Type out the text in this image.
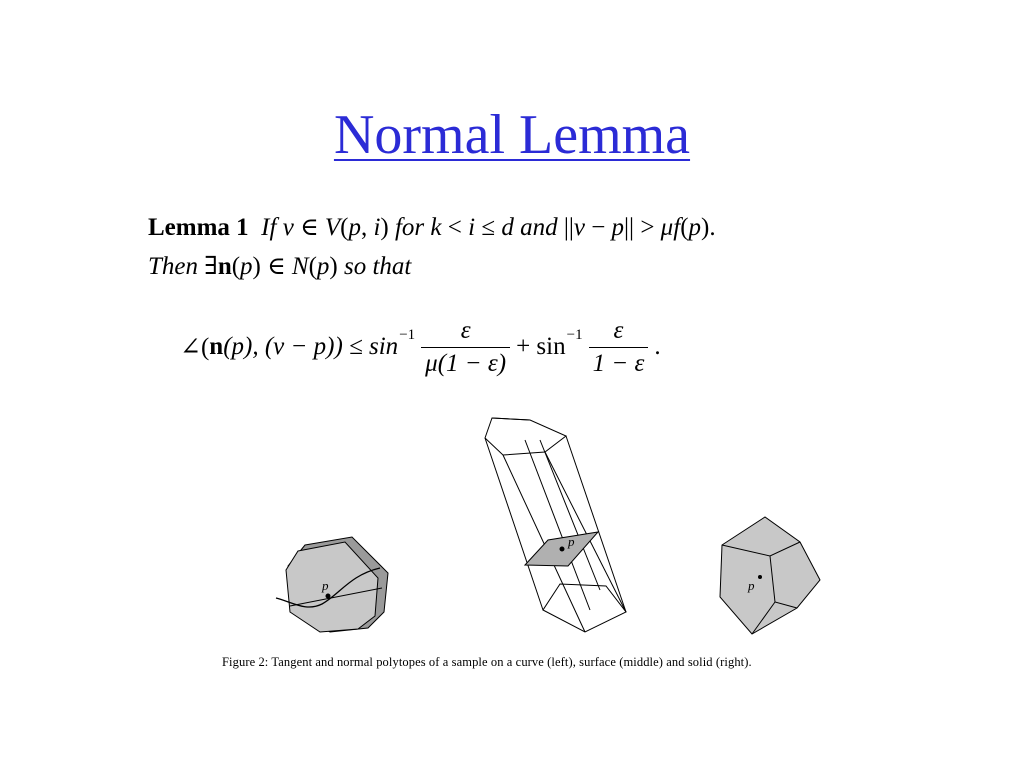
Normal Lemma
Lemma 1 If v ∈ V(p, i) for k < i ≤ d and ||v − p|| > μf(p).
Then ∃n(p) ∈ N(p) so that
∠( n (p), $(v - p)) \le \sin -1 \frac{\varepsilon}{\mu(1 - \varepsilon)} + \sin -1 \frac{\varepsilon}{1 - \varepsilon}$ .
p
p
p
Figure 2: Tangent and normal polytopes of a sample on a curve (left), surface (middle) and solid (right).
